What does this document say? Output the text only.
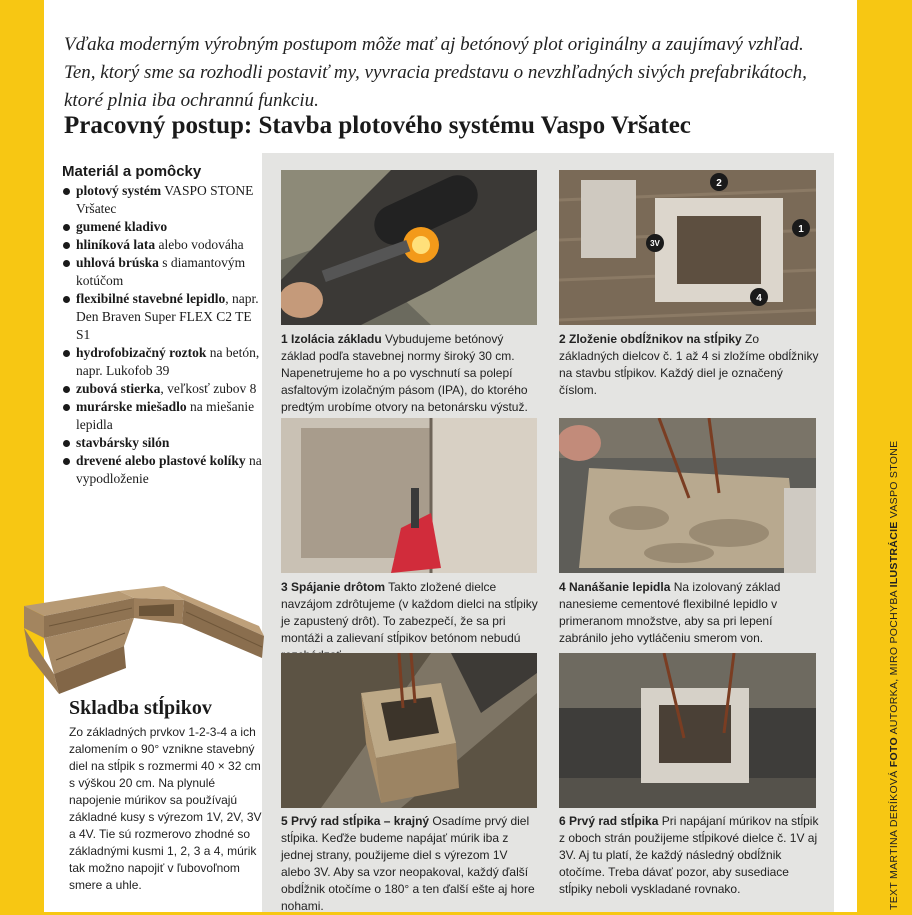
Vďaka moderným výrobným postupom môže mať aj betónový plot originálny a zaujímavý vzhľad. Ten, ktorý sme sa rozhodli postaviť my, vyvracia predstavu o nevzhľadných sivých prefabrikátoch, ktoré plnia iba ochrannú funkciu.

Pracovný postup: Stavba plotového systému Vaspo Vršatec
Materiál a pomôcky
plotový systém VASPO STONE Vršatec
gumené kladivo
hliníková lata alebo vodováha
uhlová brúska s diamantovým kotúčom
flexibilné stavebné lepidlo, napr. Den Braven Super FLEX C2 TE S1
hydrofobizačný roztok na betón, napr. Lukofob 39
zubová stierka, veľkosť zubov 8
murárske miešadlo na miešanie lepidla
stavbársky silón
drevené alebo plastové kolíky na vypodloženie
Skladba stĺpikov

Zo základných prvkov 1-2-3-4 a ich zalomením o 90° vznikne stavebný diel na stĺpik s rozmermi 40 × 32 cm s výškou 20 cm. Na plynulé napojenie múrikov sa používajú základné kusy s výrezom 1V, 2V, 3V a 4V. Tie sú rozmerovo zhodné so základnými kusmi 1, 2, 3 a 4, múrik tak možno napojiť v ľubovoľnom smere a uhle.

2
1
3V
4
1 Izolácia základu Vybudujeme betónový základ podľa stavebnej normy široký 30 cm. Napenetrujeme ho a po vyschnutí sa polepí asfaltovým izolačným pásom (IPA), do ktorého predtým urobíme otvory na betonársku výstuž.
2 Zloženie obdĺžnikov na stĺpiky Zo základných dielcov č. 1 až 4 si zložíme obdĺžniky na stavbu stĺpikov. Každý diel je označený číslom.
3 Spájanie drôtom Takto zložené dielce navzájom zdrôtujeme (v každom dielci na stĺpiky je zapustený drôt). To zabezpečí, že sa pri montáži a zalievaní stĺpikov betónom nebudú
4 Nanášanie lepidla Na izolovaný základ nanesieme cementové flexibilné lepidlo v primeranom množstve, aby sa pri lepení zabránilo jeho vytláčeniu smerom von.
5 Prvý rad stĺpika – krajný Osadíme prvý diel stĺpika. Keďže budeme napájať múrik iba z jednej strany, použijeme diel s výrezom 1V alebo 3V. Aby sa vzor neopakoval, každý ďalší obdĺžnik otočíme o 180° a ten ďalší ešte aj hore nohami.
6 Prvý rad stĺpika Pri napájaní múrikov na stĺpik z oboch strán použijeme stĺpikové dielce č. 1V aj 3V. Aj tu platí, že každý následný obdĺžnik otočíme. Treba dávať pozor, aby susediace stĺpiky neboli vyskladané rovnako.	TEXT MARTINA DERÍKOVÁ FOTO AUTORKA, MIRO POCHYBA ILUSTRÁCIE VASPO STONE
